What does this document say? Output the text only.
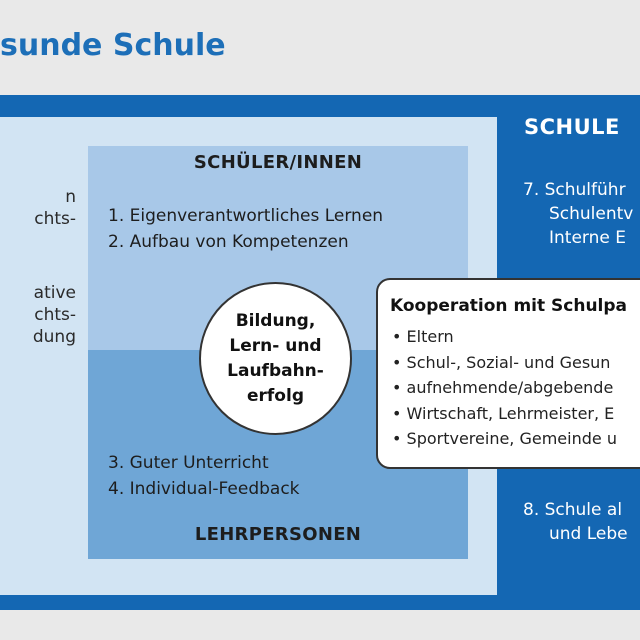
sunde Schule
n
chts-
ative
chts-
dung
SCHÜLER/INNEN
1. Eigenverantwortliches Lernen
2. Aufbau von Kompetenzen
3. Guter Unterricht
4. Individual-Feedback
LEHRPERSONEN
Bildung,
Lern- und
Laufbahn-
erfolg
SCHULE
7. Schulführ
Schulentv
Interne E
8. Schule al
und Lebe
Kooperation mit Schulpa
• Eltern
• Schul-, Sozial- und Gesun
• aufnehmende/abgebende
• Wirtschaft, Lehrmeister, E
• Sportvereine, Gemeinde u
